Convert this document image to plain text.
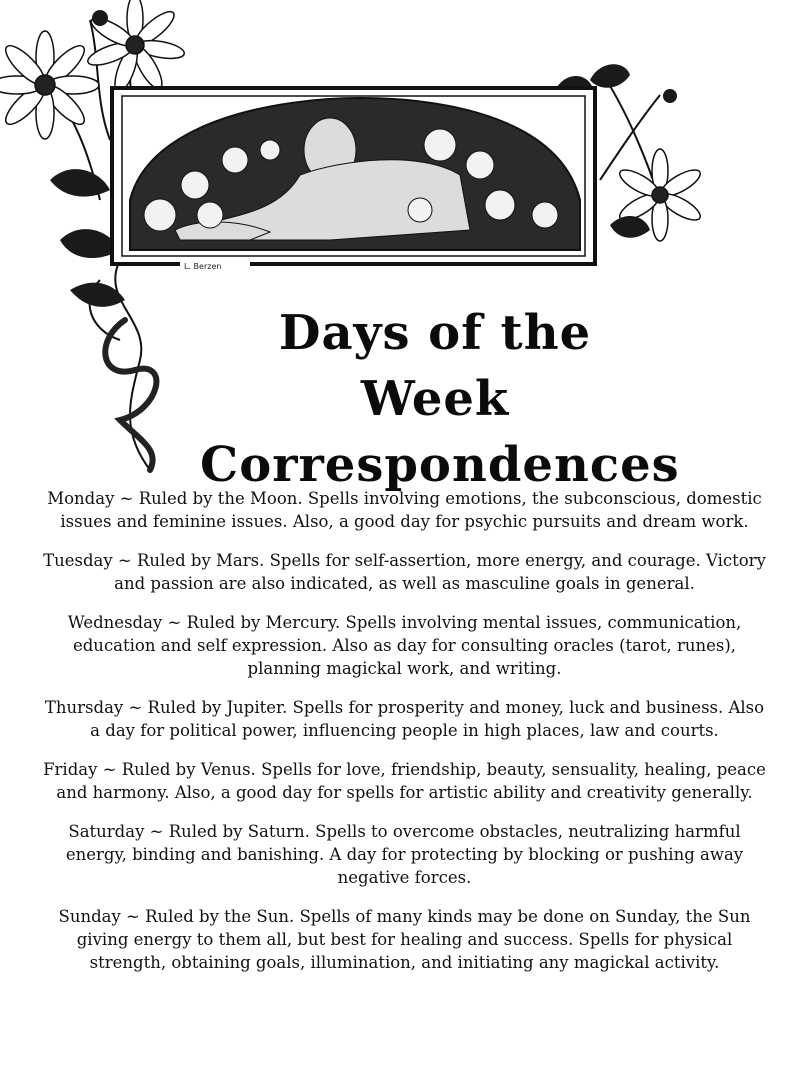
L. Berzen
Days of the Week
Correspondences

Monday ~ Ruled by the Moon. Spells involving emotions, the subconscious, domestic issues and feminine issues. Also, a good day for psychic pursuits and dream work.

Tuesday ~ Ruled by Mars. Spells for self-assertion, more energy, and courage. Victory and passion are also indicated, as well as masculine goals in general.

Wednesday ~ Ruled by Mercury. Spells involving mental issues, communication, education and self expression. Also as day for consulting oracles (tarot, runes), planning magickal work, and writing.

Thursday ~ Ruled by Jupiter. Spells for prosperity and money, luck and business. Also a day for political power, influencing people in high places, law and courts.

Friday ~ Ruled by Venus. Spells for love, friendship, beauty, sensuality, healing, peace and harmony. Also, a good day for spells for artistic ability and creativity generally.

Saturday ~ Ruled by Saturn. Spells to overcome obstacles, neutralizing harmful energy, binding and banishing. A day for protecting by blocking or pushing away negative forces.

Sunday ~ Ruled by the Sun. Spells of many kinds may be done on Sunday, the Sun giving energy to them all, but best for healing and success. Spells for physical strength, obtaining goals, illumination, and initiating any magickal activity.
